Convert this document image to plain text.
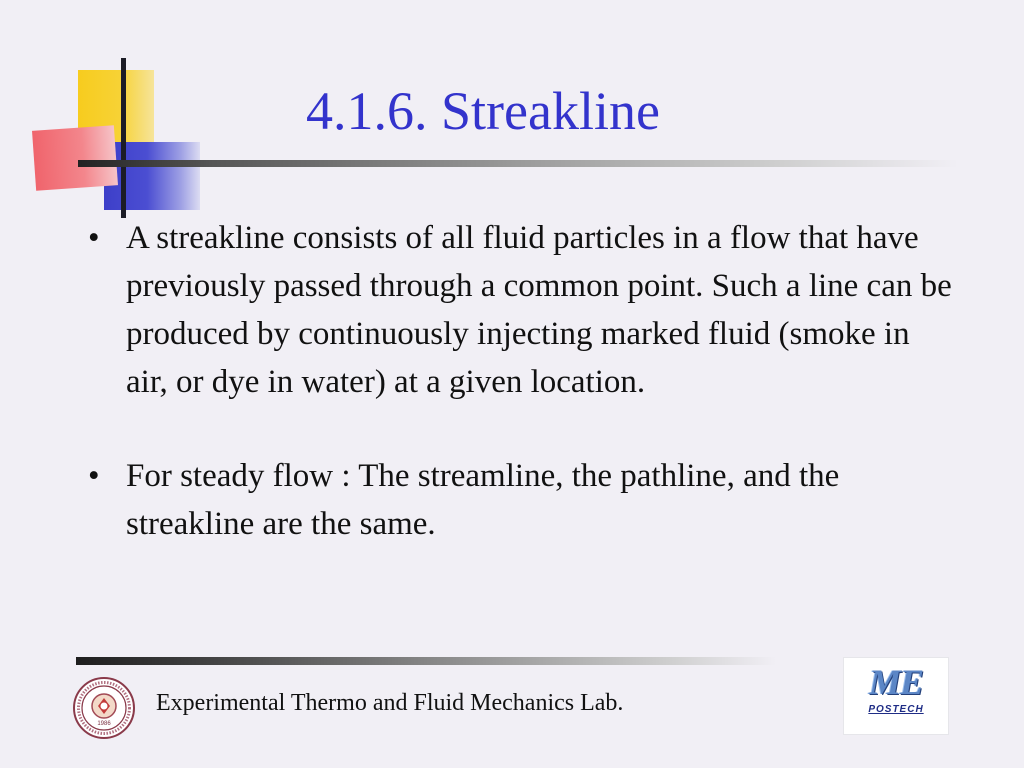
4.1.6. Streakline
• A streakline consists of all fluid particles in a flow that have previously passed through a common point. Such a line can be produced by continuously injecting marked fluid (smoke in air, or dye in water) at a given location.
• For steady flow : The streamline, the pathline, and the streakline are the same.
1986
Experimental Thermo and Fluid Mechanics Lab.
ME
POSTECH
